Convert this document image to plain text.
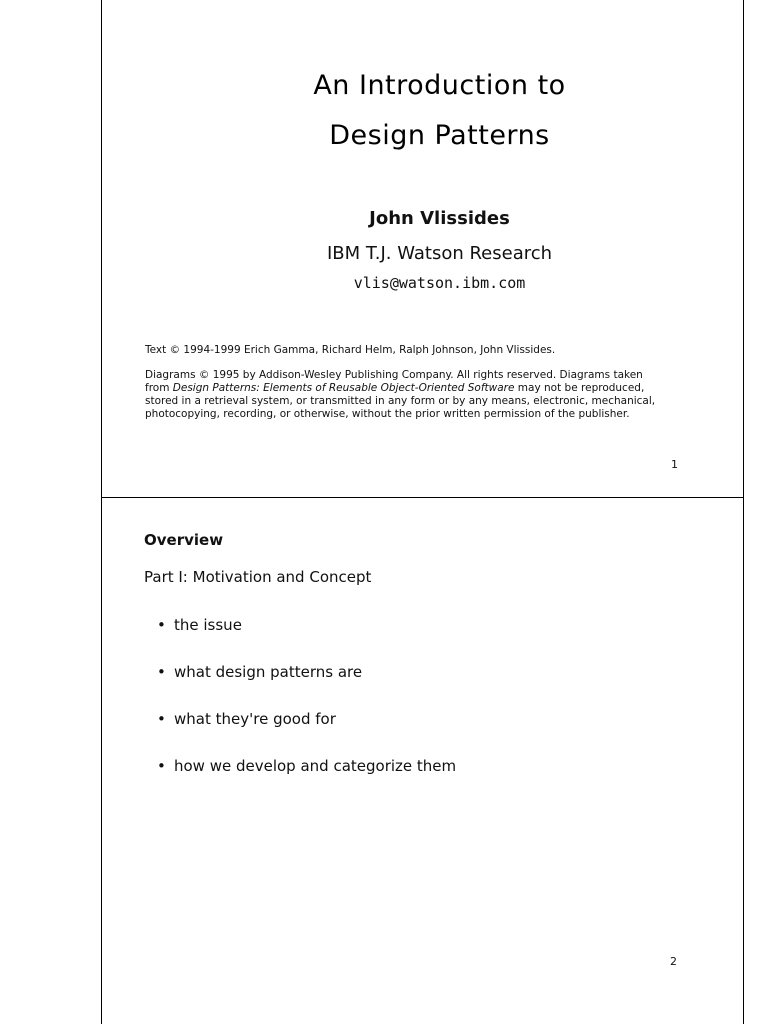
An Introduction to
Design Patterns
John Vlissides
IBM T.J. Watson Research
vlis@watson.ibm.com
Text © 1994-1999 Erich Gamma, Richard Helm, Ralph Johnson, John Vlissides.
Diagrams © 1995 by Addison-Wesley Publishing Company. All rights reserved. Diagrams taken
from Design Patterns: Elements of Reusable Object-Oriented Software may not be reproduced,
stored in a retrieval system, or transmitted in any form or by any means, electronic, mechanical,
photocopying, recording, or otherwise, without the prior written permission of the publisher.
1
Overview
Part I: Motivation and Concept
• the issue
• what design patterns are
• what they're good for
• how we develop and categorize them
2
